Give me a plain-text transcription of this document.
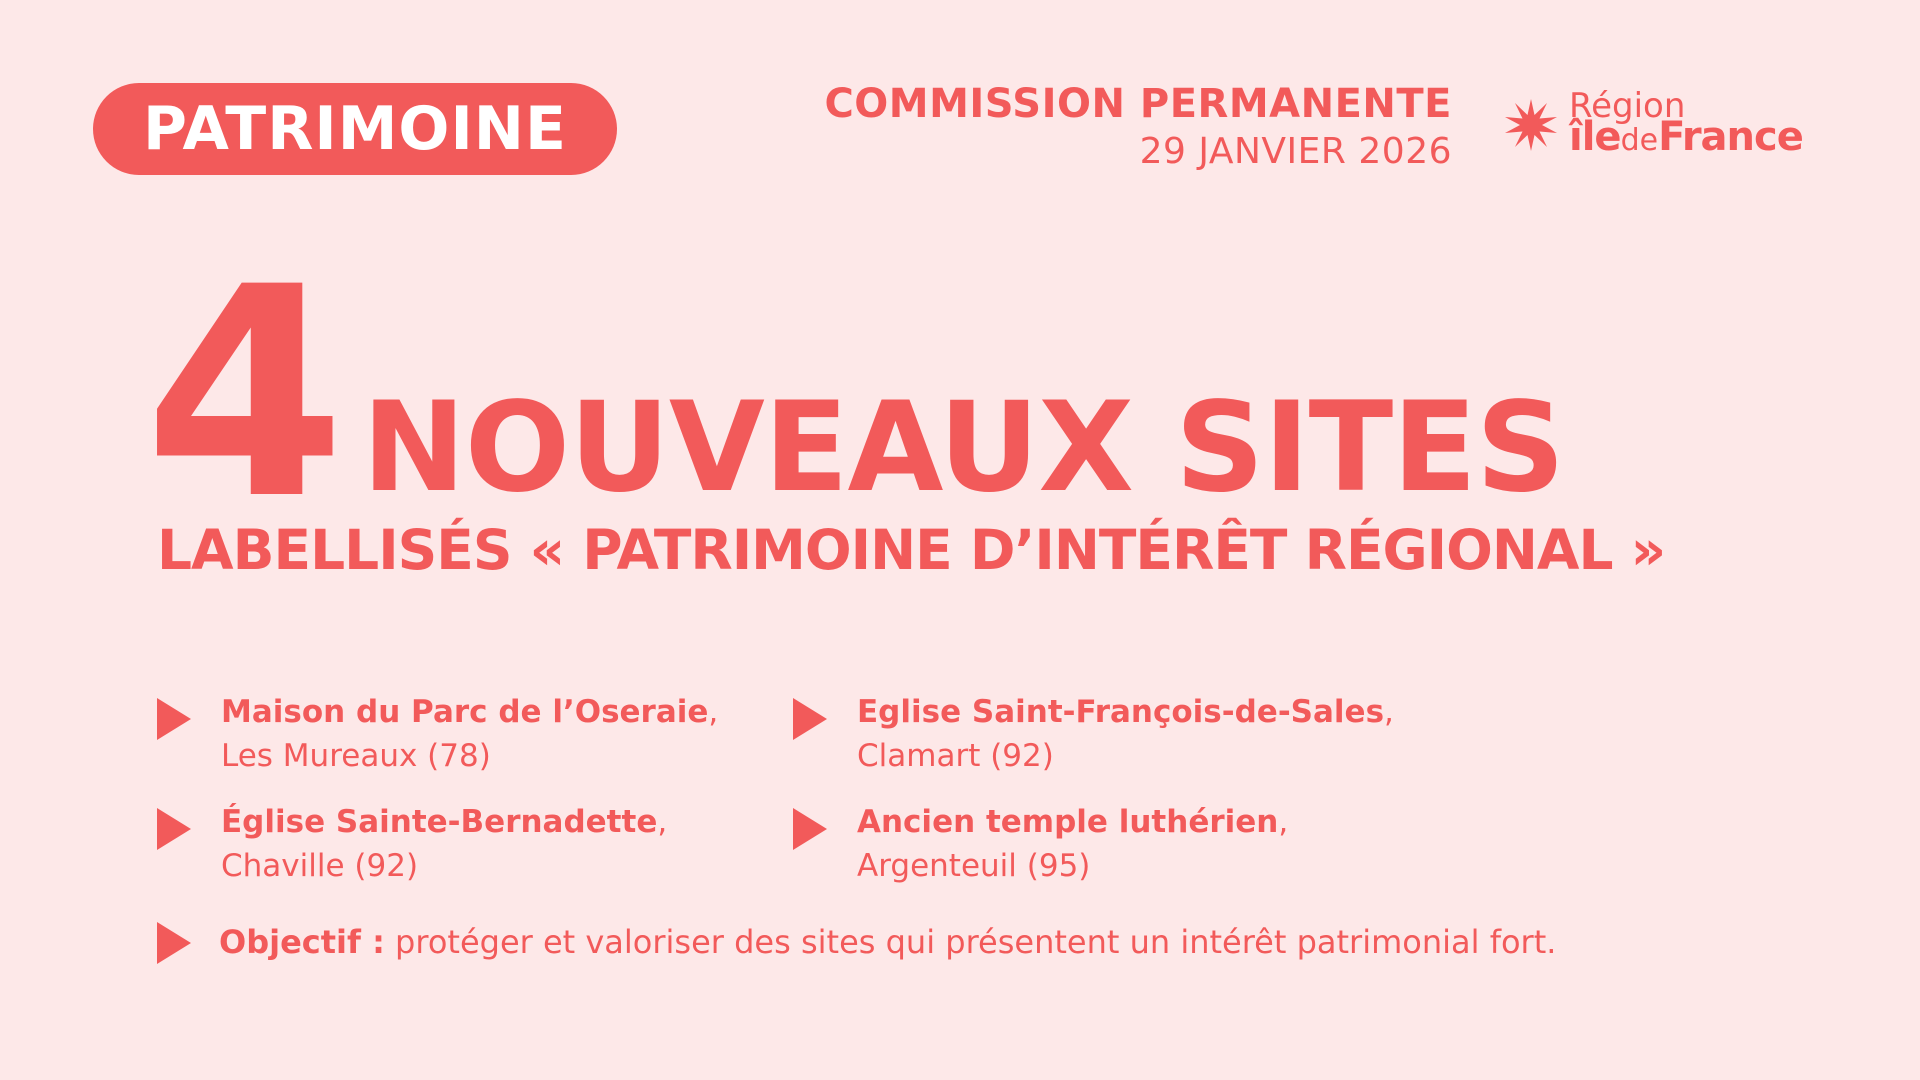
PATRIMOINE	COMMISSION PERMANENTE
29 JANVIER 2026
Région
îledeFrance
4 NOUVEAUX SITES
LABELLISÉS « PATRIMOINE D’INTÉRÊT RÉGIONAL »
Maison du Parc de l’Oseraie,
Les Mureaux (78)
Eglise Saint-François-de-Sales,
Clamart (92)
Église Sainte-Bernadette,
Chaville (92)
Ancien temple luthérien,
Argenteuil (95)
Objectif : protéger et valoriser des sites qui présentent un intérêt patrimonial fort.
